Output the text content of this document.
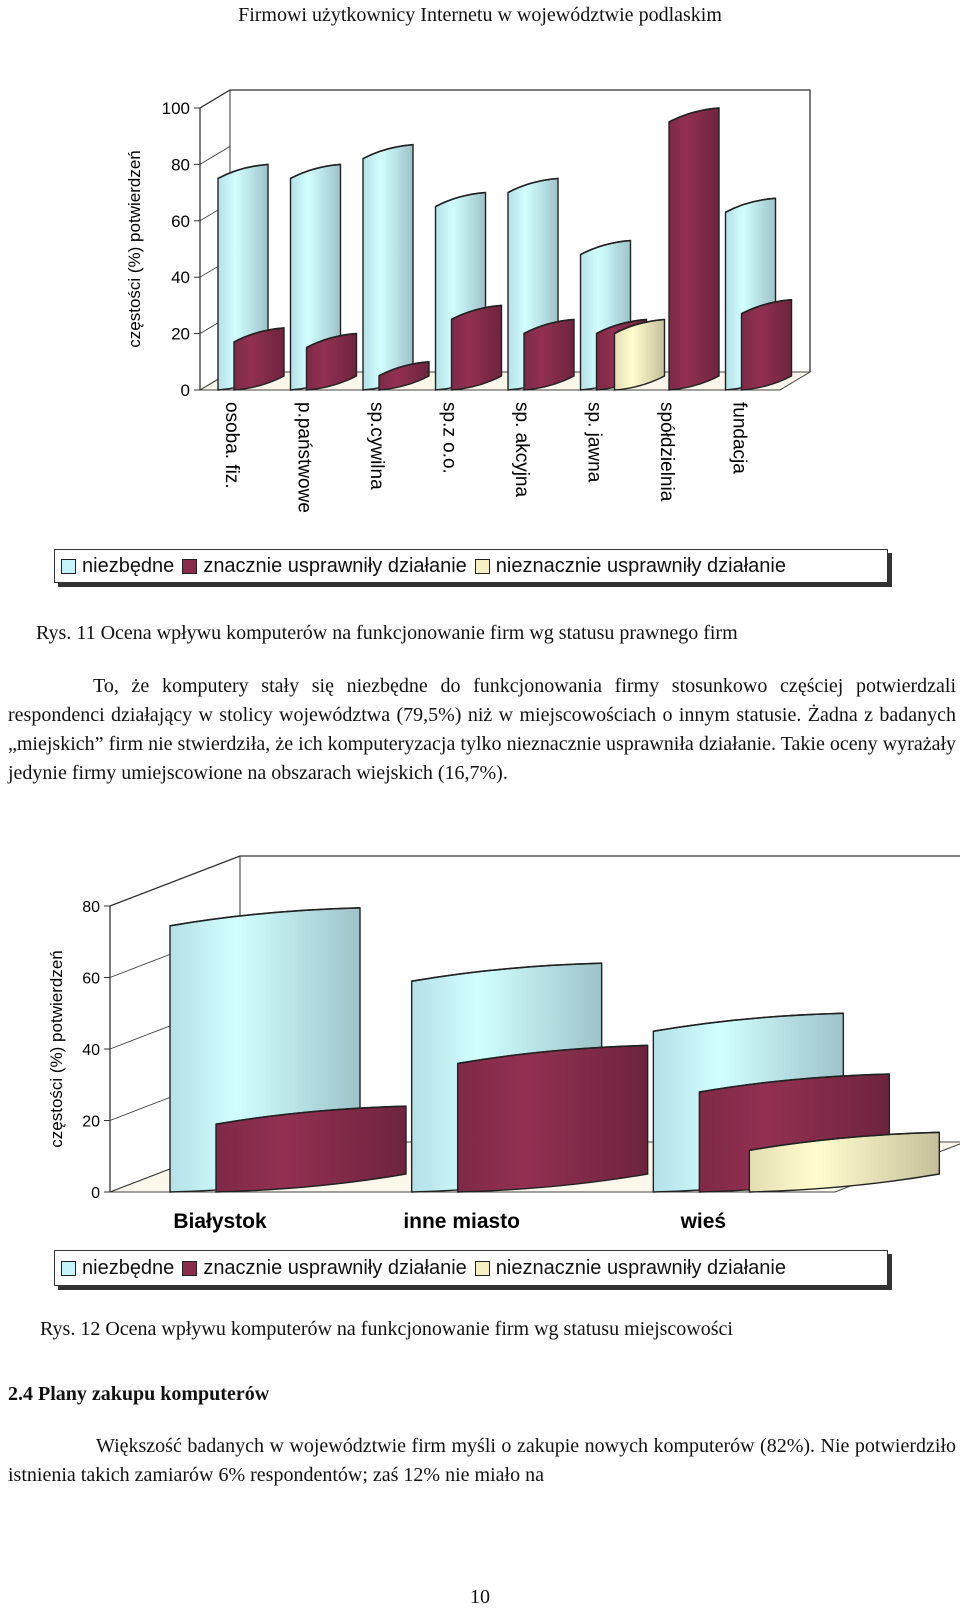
Firmowi użytkownicy Internetu w województwie podlaskim
0
20
40
60
80
100
częstości (%) potwierdzeń
osoba. fiz.	p.państwowe	sp.cywilna	sp.z o.o.	sp. akcyjna	sp. jawna	spółdzielnia	fundacja
niezbędne znacznie usprawniły działanie nieznacznie usprawniły działanie
Rys. 11 Ocena wpływu komputerów na funkcjonowanie firm wg statusu prawnego firm

To, że komputery stały się niezbędne do funkcjonowania firmy stosunkowo częściej potwierdzali respondenci działający w stolicy województwa (79,5%) niż w miejscowościach o innym statusie. Żadna z badanych „miejskich” firm nie stwierdziła, że ich komputeryzacja tylko nieznacznie usprawniła działanie. Takie oceny wyrażały jedynie firmy umiejscowione na obszarach wiejskich (16,7%).

0
20
40
60
80
częstości (%) potwierdzeń
Białystok	inne miasto	wieś
niezbędne znacznie usprawniły działanie nieznacznie usprawniły działanie
Rys. 12 Ocena wpływu komputerów na funkcjonowanie firm wg statusu miejscowości
2.4 Plany zakupu komputerów

Większość badanych w województwie firm myśli o zakupie nowych komputerów (82%). Nie potwierdziło istnienia takich zamiarów 6% respondentów; zaś 12% nie miało na

10
